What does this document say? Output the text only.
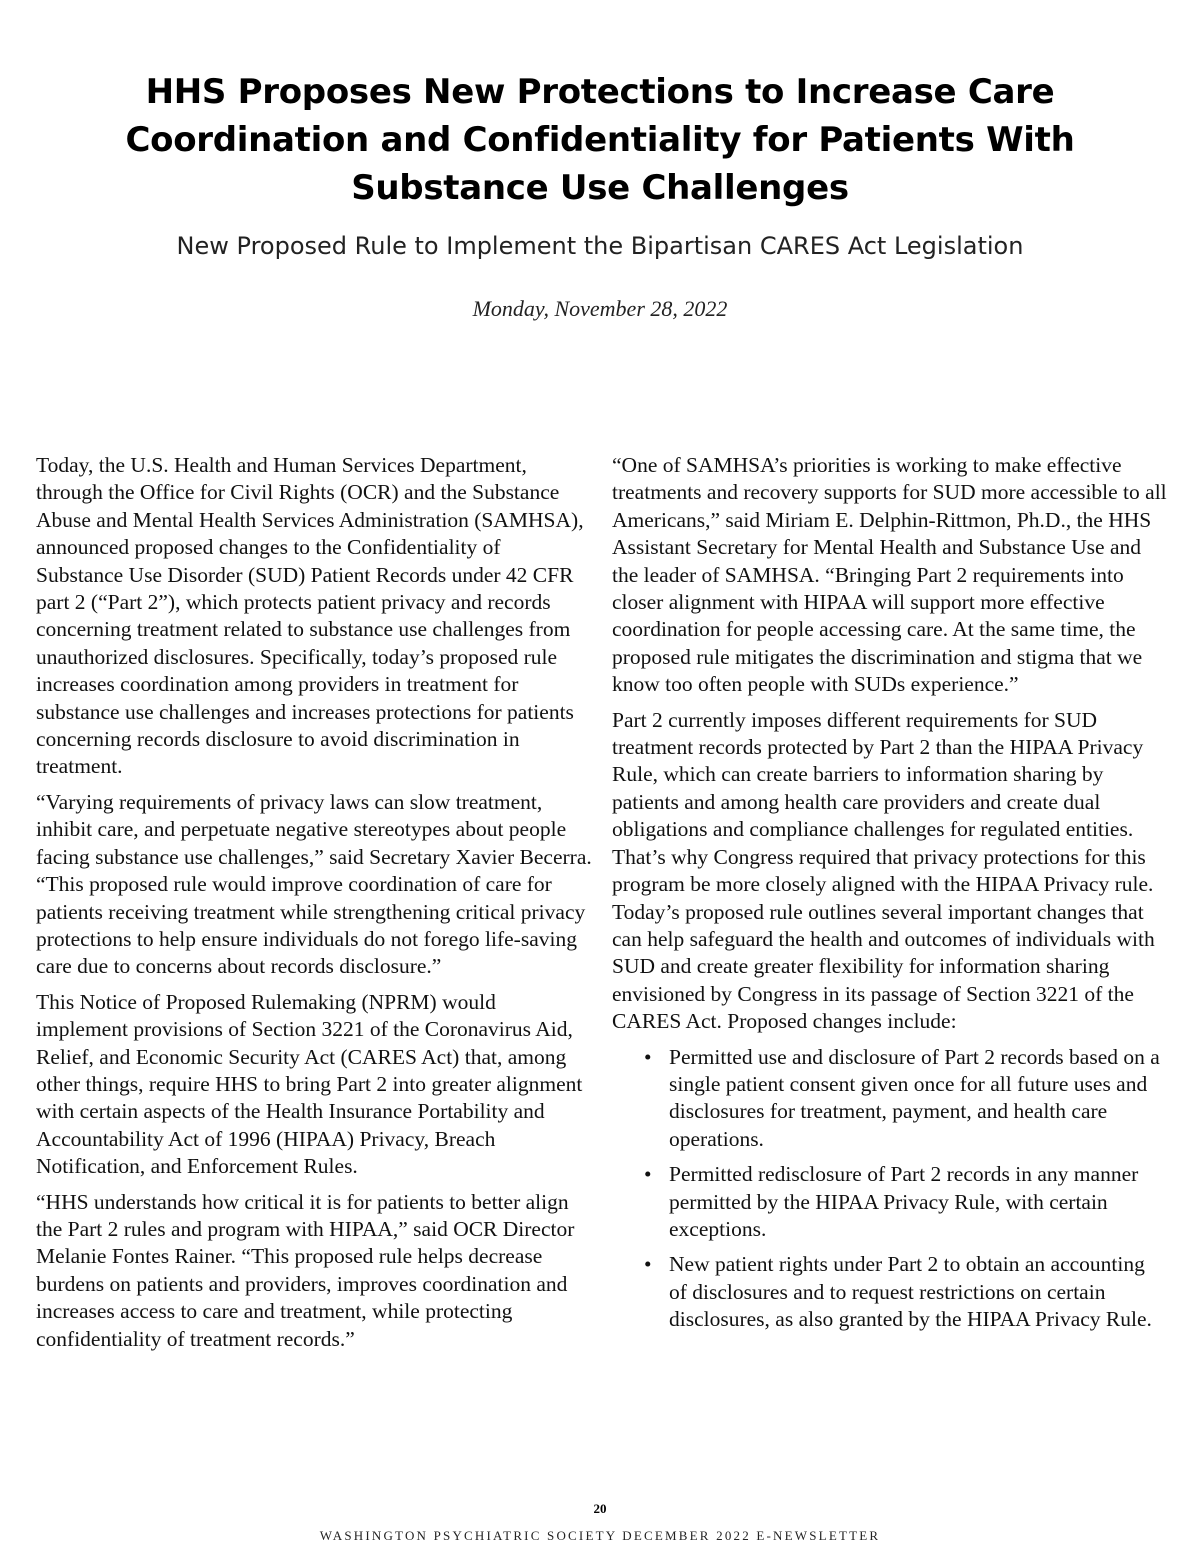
HHS Proposes New Protections to Increase Care Coordination and Confidentiality for Patients With Substance Use Challenges

New Proposed Rule to Implement the Bipartisan CARES Act Legislation

Monday, November 28, 2022

Today, the U.S. Health and Human Services Department, through the Office for Civil Rights (OCR) and the Substance Abuse and Mental Health Services Administration (SAMHSA), announced proposed changes to the Confidentiality of Substance Use Disorder (SUD) Patient Records under 42 CFR part 2 (“Part 2”), which protects patient privacy and records concerning treatment related to substance use challenges from unauthorized disclosures. Specifically, today’s proposed rule increases coordination among providers in treatment for substance use challenges and increases protections for patients concerning records disclosure to avoid discrimination in treatment.

“Varying requirements of privacy laws can slow treatment, inhibit care, and perpetuate negative stereotypes about people facing substance use challenges,” said Secretary Xavier Becerra. “This proposed rule would improve coordination of care for patients receiving treatment while strengthening critical privacy protections to help ensure individuals do not forego life-saving care due to concerns about records disclosure.”

This Notice of Proposed Rulemaking (NPRM) would implement provisions of Section 3221 of the Coronavirus Aid, Relief, and Economic Security Act (CARES Act) that, among other things, require HHS to bring Part 2 into greater alignment with certain aspects of the Health Insurance Portability and Accountability Act of 1996 (HIPAA) Privacy, Breach Notification, and Enforcement Rules.

“HHS understands how critical it is for patients to better align the Part 2 rules and program with HIPAA,” said OCR Director Melanie Fontes Rainer. “This proposed rule helps decrease burdens on patients and providers, improves coordination and increases access to care and treatment, while protecting confidentiality of treatment records.”

“One of SAMHSA’s priorities is working to make effective treatments and recovery supports for SUD more accessible to all Americans,” said Miriam E. Delphin-Rittmon, Ph.D., the HHS Assistant Secretary for Mental Health and Substance Use and the leader of SAMHSA. “Bringing Part 2 requirements into closer alignment with HIPAA will support more effective coordination for people accessing care. At the same time, the proposed rule mitigates the discrimination and stigma that we know too often people with SUDs experience.”

Part 2 currently imposes different requirements for SUD treatment records protected by Part 2 than the HIPAA Privacy Rule, which can create barriers to information sharing by patients and among health care providers and create dual obligations and compliance challenges for regulated entities. That’s why Congress required that privacy protections for this program be more closely aligned with the HIPAA Privacy rule. Today’s proposed rule outlines several important changes that can help safeguard the health and outcomes of individuals with SUD and create greater flexibility for information sharing envisioned by Congress in its passage of Section 3221 of the CARES Act. Proposed changes include:

• Permitted use and disclosure of Part 2 records based on a single patient consent given once for all future uses and disclosures for treatment, payment, and health care operations.
• Permitted redisclosure of Part 2 records in any manner permitted by the HIPAA Privacy Rule, with certain exceptions.
• New patient rights under Part 2 to obtain an accounting of disclosures and to request restrictions on certain disclosures, as also granted by the HIPAA Privacy Rule.
20
WASHINGTON PSYCHIATRIC SOCIETY DECEMBER 2022 E-NEWSLETTER
